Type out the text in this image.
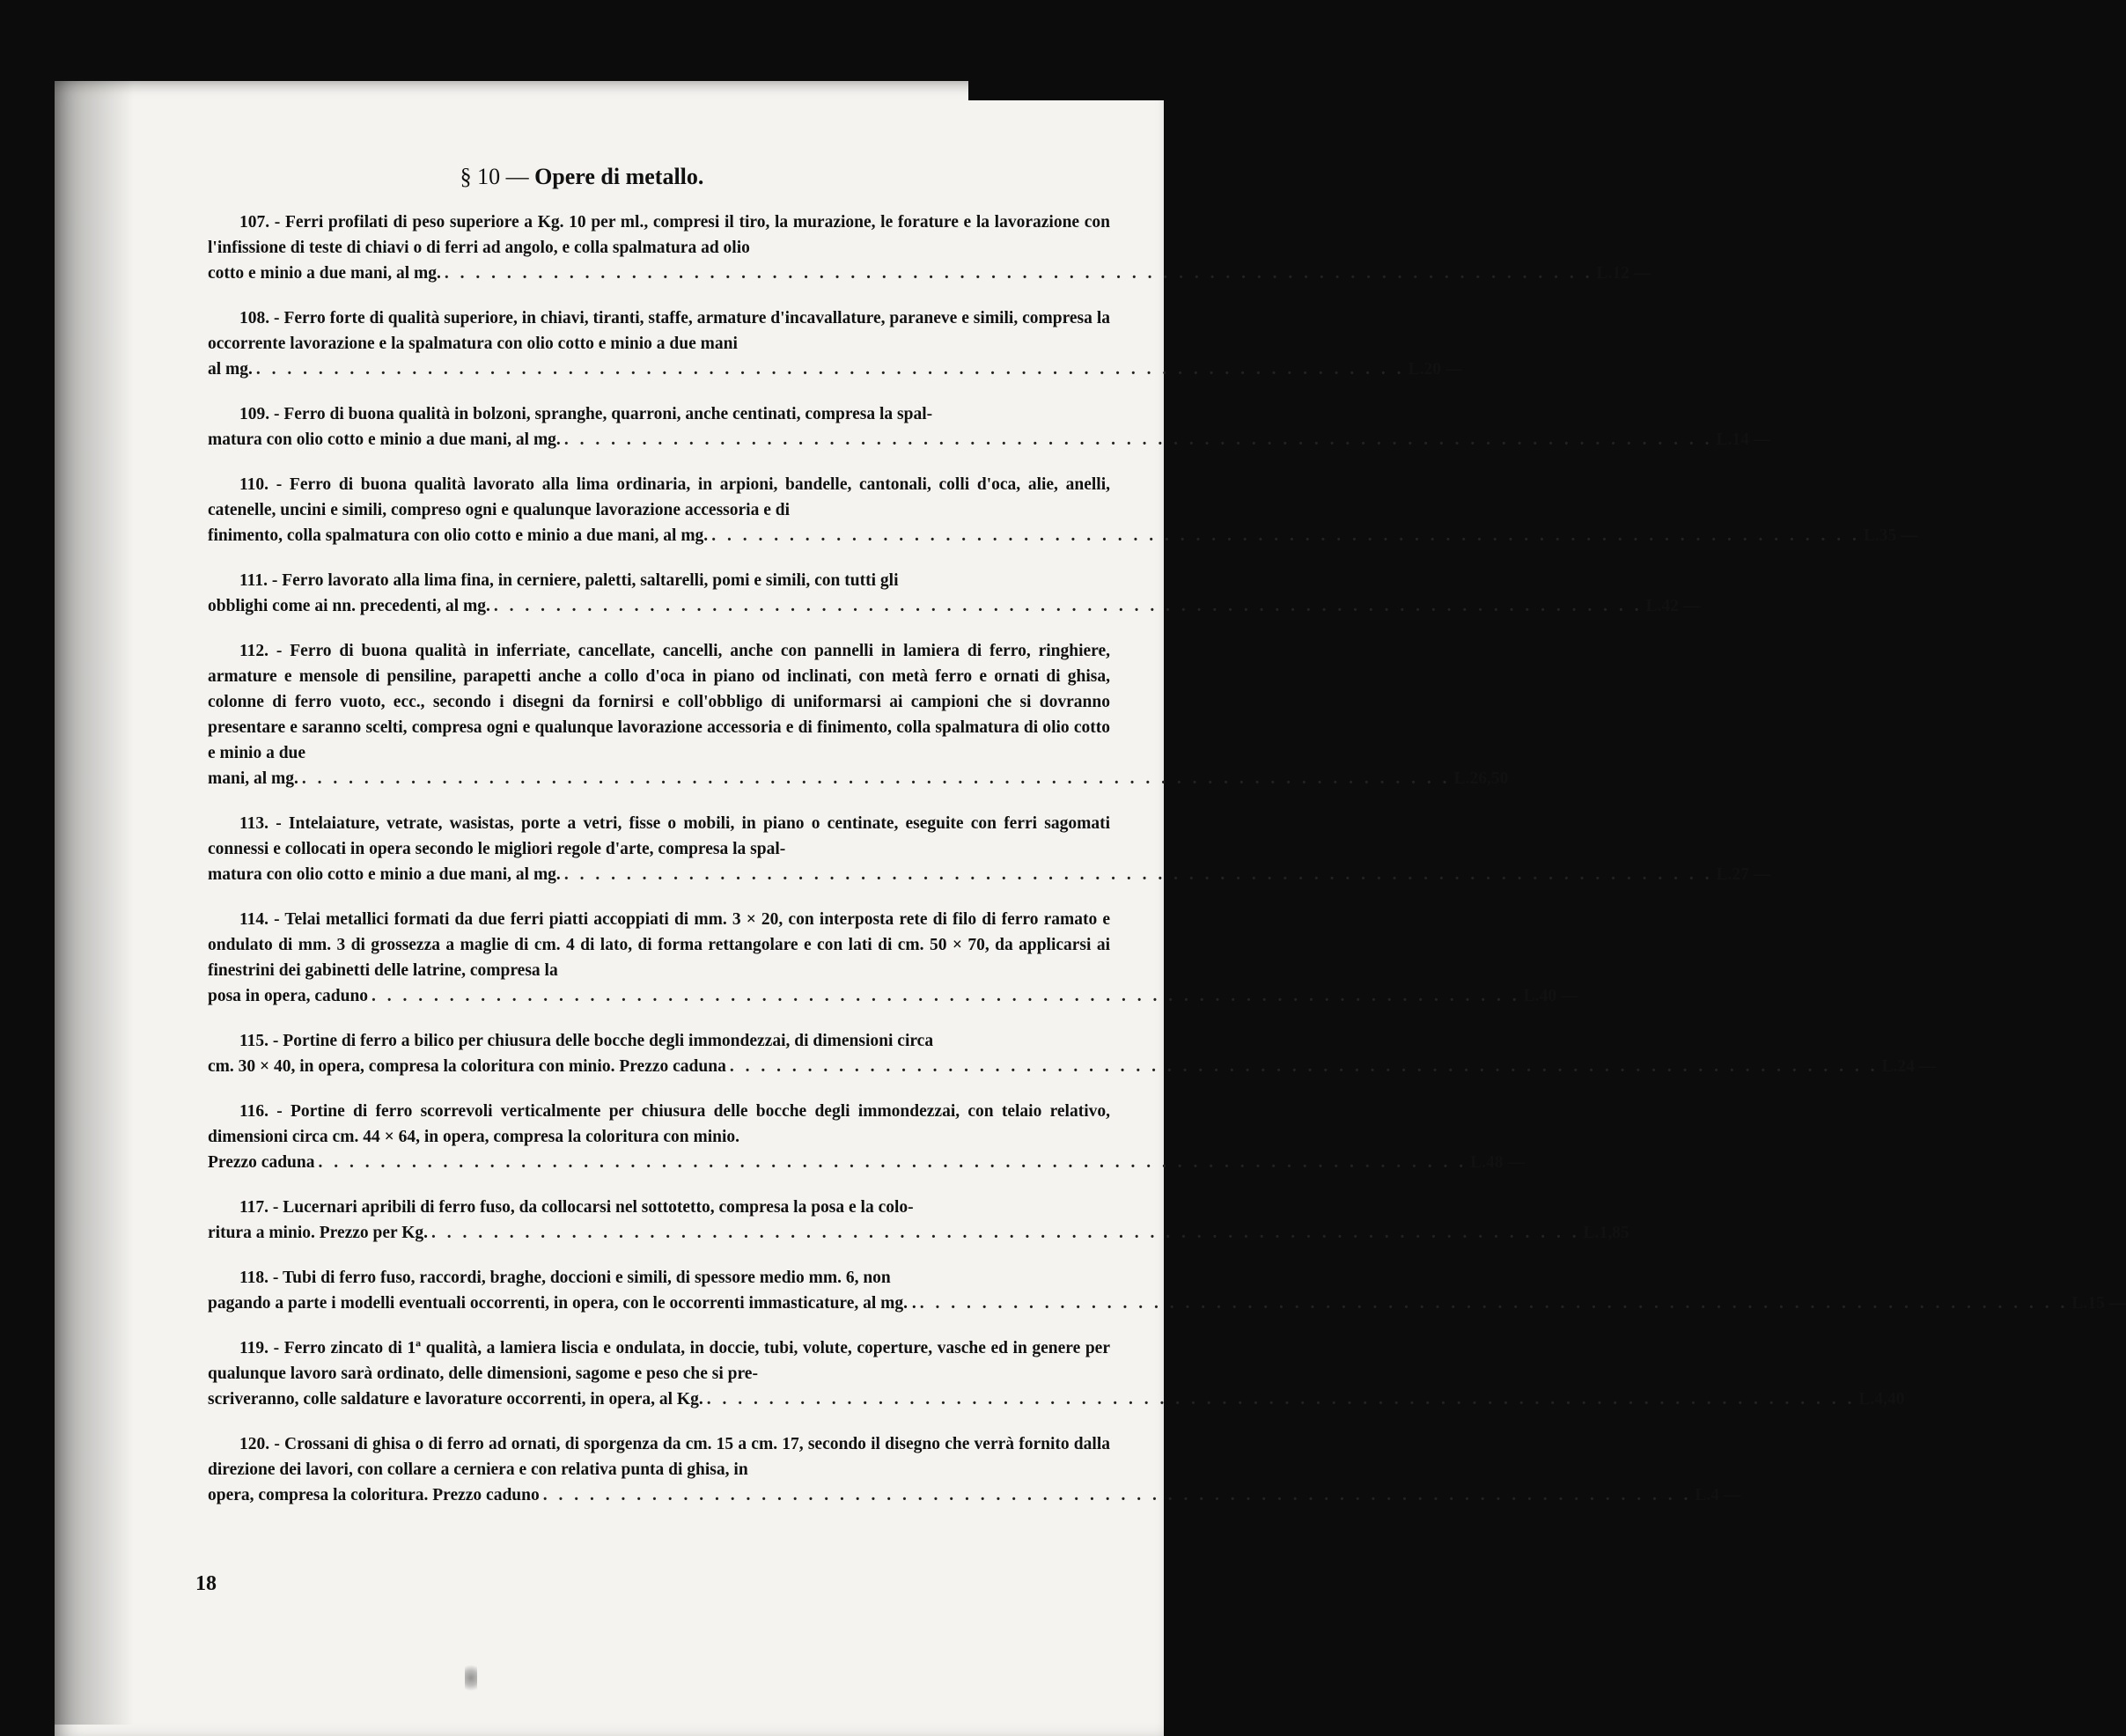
§ 10 — Opere di metallo.

107. - Ferri profilati di peso superiore a Kg. 10 per ml., compresi il tiro, la murazione, le forature e la lavorazione con l'infissione di teste di chiavi o di ferri ad angolo, e colla spalmatura ad olio

cotto e minio a due mani, al mg. . . . . . . . . . . . . . . . . . . . . . . . . . . . . . . . . . . . . . . . . . . . . . . . . . . . . . . . . . . . . . . . . . . . . . . . . . . L. 12 —

108. - Ferro forte di qualità superiore, in chiavi, tiranti, staffe, armature d'incavallature, paraneve e simili, compresa la occorrente lavorazione e la spalmatura con olio cotto e minio a due mani

al mg. . . . . . . . . . . . . . . . . . . . . . . . . . . . . . . . . . . . . . . . . . . . . . . . . . . . . . . . . . . . . . . . . . . . . . . . . . . L. 20 —

109. - Ferro di buona qualità in bolzoni, spranghe, quarroni, anche centinati, compresa la spal-

matura con olio cotto e minio a due mani, al mg. . . . . . . . . . . . . . . . . . . . . . . . . . . . . . . . . . . . . . . . . . . . . . . . . . . . . . . . . . . . . . . . . . . . . . . . . . . L. 14 —

110. - Ferro di buona qualità lavorato alla lima ordinaria, in arpioni, bandelle, cantonali, colli d'oca, alie, anelli, catenelle, uncini e simili, compreso ogni e qualunque lavorazione accessoria e di

finimento, colla spalmatura con olio cotto e minio a due mani, al mg. . . . . . . . . . . . . . . . . . . . . . . . . . . . . . . . . . . . . . . . . . . . . . . . . . . . . . . . . . . . . . . . . . . . . . . . . . . L. 35 —

111. - Ferro lavorato alla lima fina, in cerniere, paletti, saltarelli, pomi e simili, con tutti gli

obblighi come ai nn. precedenti, al mg. . . . . . . . . . . . . . . . . . . . . . . . . . . . . . . . . . . . . . . . . . . . . . . . . . . . . . . . . . . . . . . . . . . . . . . . . . . L. 42 —

112. - Ferro di buona qualità in inferriate, cancellate, cancelli, anche con pannelli in lamiera di ferro, ringhiere, armature e mensole di pensiline, parapetti anche a collo d'oca in piano od inclinati, con metà ferro e ornati di ghisa, colonne di ferro vuoto, ecc., secondo i disegni da fornirsi e coll'obbligo di uniformarsi ai campioni che si dovranno presentare e saranno scelti, compresa ogni e qualunque lavorazione accessoria e di finimento, colla spalmatura di olio cotto e minio a due

mani, al mg. . . . . . . . . . . . . . . . . . . . . . . . . . . . . . . . . . . . . . . . . . . . . . . . . . . . . . . . . . . . . . . . . . . . . . . . . . . L. 26,50

113. - Intelaiature, vetrate, wasistas, porte a vetri, fisse o mobili, in piano o centinate, eseguite con ferri sagomati connessi e collocati in opera secondo le migliori regole d'arte, compresa la spal-

matura con olio cotto e minio a due mani, al mg. . . . . . . . . . . . . . . . . . . . . . . . . . . . . . . . . . . . . . . . . . . . . . . . . . . . . . . . . . . . . . . . . . . . . . . . . . . L. 27 —

114. - Telai metallici formati da due ferri piatti accoppiati di mm. 3 × 20, con interposta rete di filo di ferro ramato e ondulato di mm. 3 di grossezza a maglie di cm. 4 di lato, di forma rettangolare e con lati di cm. 50 × 70, da applicarsi ai finestrini dei gabinetti delle latrine, compresa la

posa in opera, caduno . . . . . . . . . . . . . . . . . . . . . . . . . . . . . . . . . . . . . . . . . . . . . . . . . . . . . . . . . . . . . . . . . . . . . . . . . . L. 40 —

115. - Portine di ferro a bilico per chiusura delle bocche degli immondezzai, di dimensioni circa

cm. 30 × 40, in opera, compresa la coloritura con minio. Prezzo caduna . . . . . . . . . . . . . . . . . . . . . . . . . . . . . . . . . . . . . . . . . . . . . . . . . . . . . . . . . . . . . . . . . . . . . . . . . . L. 24 —

116. - Portine di ferro scorrevoli verticalmente per chiusura delle bocche degli immondezzai, con telaio relativo, dimensioni circa cm. 44 × 64, in opera, compresa la coloritura con minio.

Prezzo caduna . . . . . . . . . . . . . . . . . . . . . . . . . . . . . . . . . . . . . . . . . . . . . . . . . . . . . . . . . . . . . . . . . . . . . . . . . . L. 48 —

117. - Lucernari apribili di ferro fuso, da collocarsi nel sottotetto, compresa la posa e la colo-

ritura a minio. Prezzo per Kg. . . . . . . . . . . . . . . . . . . . . . . . . . . . . . . . . . . . . . . . . . . . . . . . . . . . . . . . . . . . . . . . . . . . . . . . . . . L. 1,85

118. - Tubi di ferro fuso, raccordi, braghe, doccioni e simili, di spessore medio mm. 6, non

pagando a parte i modelli eventuali occorrenti, in opera, con le occorrenti immasticature, al mg. . . . . . . . . . . . . . . . . . . . . . . . . . . . . . . . . . . . . . . . . . . . . . . . . . . . . . . . . . . . . . . . . . . . . . . . . . . . L. 15 —

119. - Ferro zincato di 1ª qualità, a lamiera liscia e ondulata, in doccie, tubi, volute, coperture, vasche ed in genere per qualunque lavoro sarà ordinato, delle dimensioni, sagome e peso che si pre-

scriveranno, colle saldature e lavorature occorrenti, in opera, al Kg. . . . . . . . . . . . . . . . . . . . . . . . . . . . . . . . . . . . . . . . . . . . . . . . . . . . . . . . . . . . . . . . . . . . . . . . . . . L. 4,40

120. - Crossani di ghisa o di ferro ad ornati, di sporgenza da cm. 15 a cm. 17, secondo il disegno che verrà fornito dalla direzione dei lavori, con collare a cerniera e con relativa punta di ghisa, in

opera, compresa la coloritura. Prezzo caduno . . . . . . . . . . . . . . . . . . . . . . . . . . . . . . . . . . . . . . . . . . . . . . . . . . . . . . . . . . . . . . . . . . . . . . . . . . L. 4 —
18
